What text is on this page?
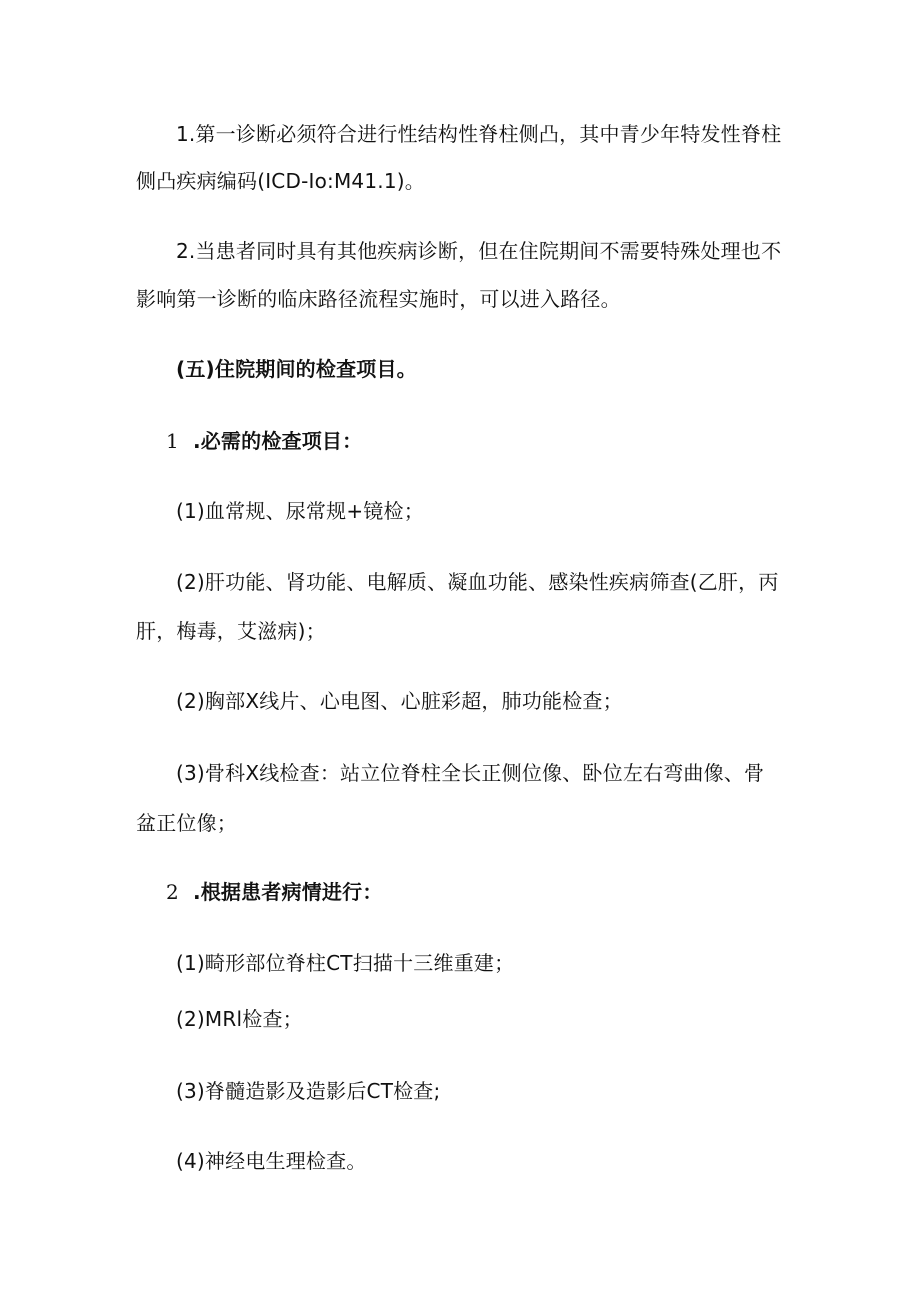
1.第一诊断必须符合进行性结构性脊柱侧凸，其中青少年特发性脊柱
侧凸疾病编码(ICD-Io:M41.1)。
2.当患者同时具有其他疾病诊断，但在住院期间不需要特殊处理也不
影响第一诊断的临床路径流程实施时，可以进入路径。
(五)住院期间的检查项目。
1 .必需的检查项目：
(1)血常规、尿常规+镜检；
(2)肝功能、肾功能、电解质、凝血功能、感染性疾病筛查(乙肝，丙
肝，梅毒，艾滋病)；
(2)胸部X线片、心电图、心脏彩超，肺功能检查；
(3)骨科X线检查：站立位脊柱全长正侧位像、卧位左右弯曲像、骨
盆正位像；
2 .根据患者病情进行：
(1)畸形部位脊柱CT扫描十三维重建；
(2)MRl检查；
(3)脊髓造影及造影后CT检查;
(4)神经电生理检查。
